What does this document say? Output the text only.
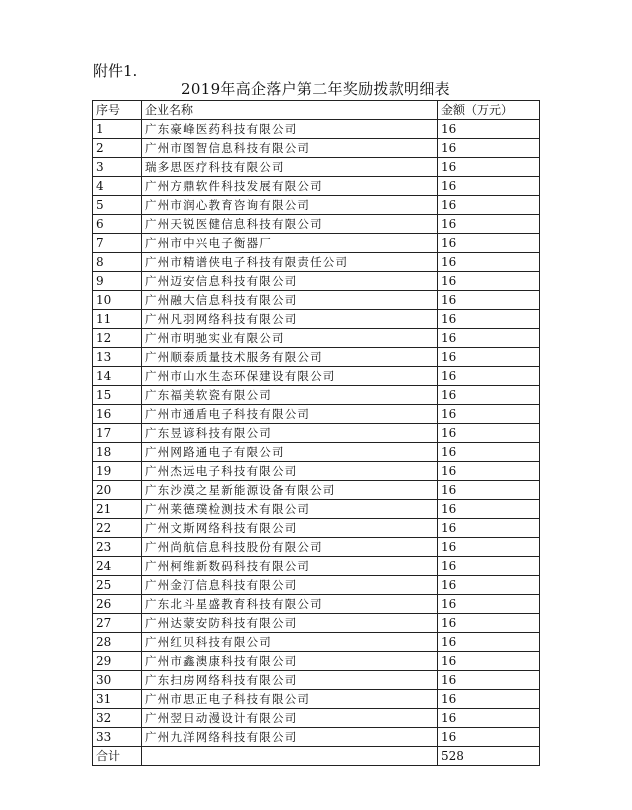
附件1.
2019年高企落户第二年奖励拨款明细表
序号	企业名称	金额（万元）
1	广东豪峰医药科技有限公司	16
2	广州市图智信息科技有限公司	16
3	瑞多思医疗科技有限公司	16
4	广州方鼎软件科技发展有限公司	16
5	广州市润心教育咨询有限公司	16
6	广州天锐医健信息科技有限公司	16
7	广州市中兴电子衡器厂	16
8	广州市精谱侠电子科技有限责任公司	16
9	广州迈安信息科技有限公司	16
10	广州融大信息科技有限公司	16
11	广州凡羽网络科技有限公司	16
12	广州市明驰实业有限公司	16
13	广州顺泰质量技术服务有限公司	16
14	广州市山水生态环保建设有限公司	16
15	广东福美软瓷有限公司	16
16	广州市通盾电子科技有限公司	16
17	广东昱谚科技有限公司	16
18	广州网路通电子有限公司	16
19	广州杰远电子科技有限公司	16
20	广东沙漠之星新能源设备有限公司	16
21	广州莱德璞检测技术有限公司	16
22	广州文斯网络科技有限公司	16
23	广州尚航信息科技股份有限公司	16
24	广州柯维新数码科技有限公司	16
25	广州金汀信息科技有限公司	16
26	广东北斗星盛教育科技有限公司	16
27	广州达蒙安防科技有限公司	16
28	广州红贝科技有限公司	16
29	广州市鑫澳康科技有限公司	16
30	广东扫房网络科技有限公司	16
31	广州市思正电子科技有限公司	16
32	广州翌日动漫设计有限公司	16
33	广州九洋网络科技有限公司	16
合计		528
